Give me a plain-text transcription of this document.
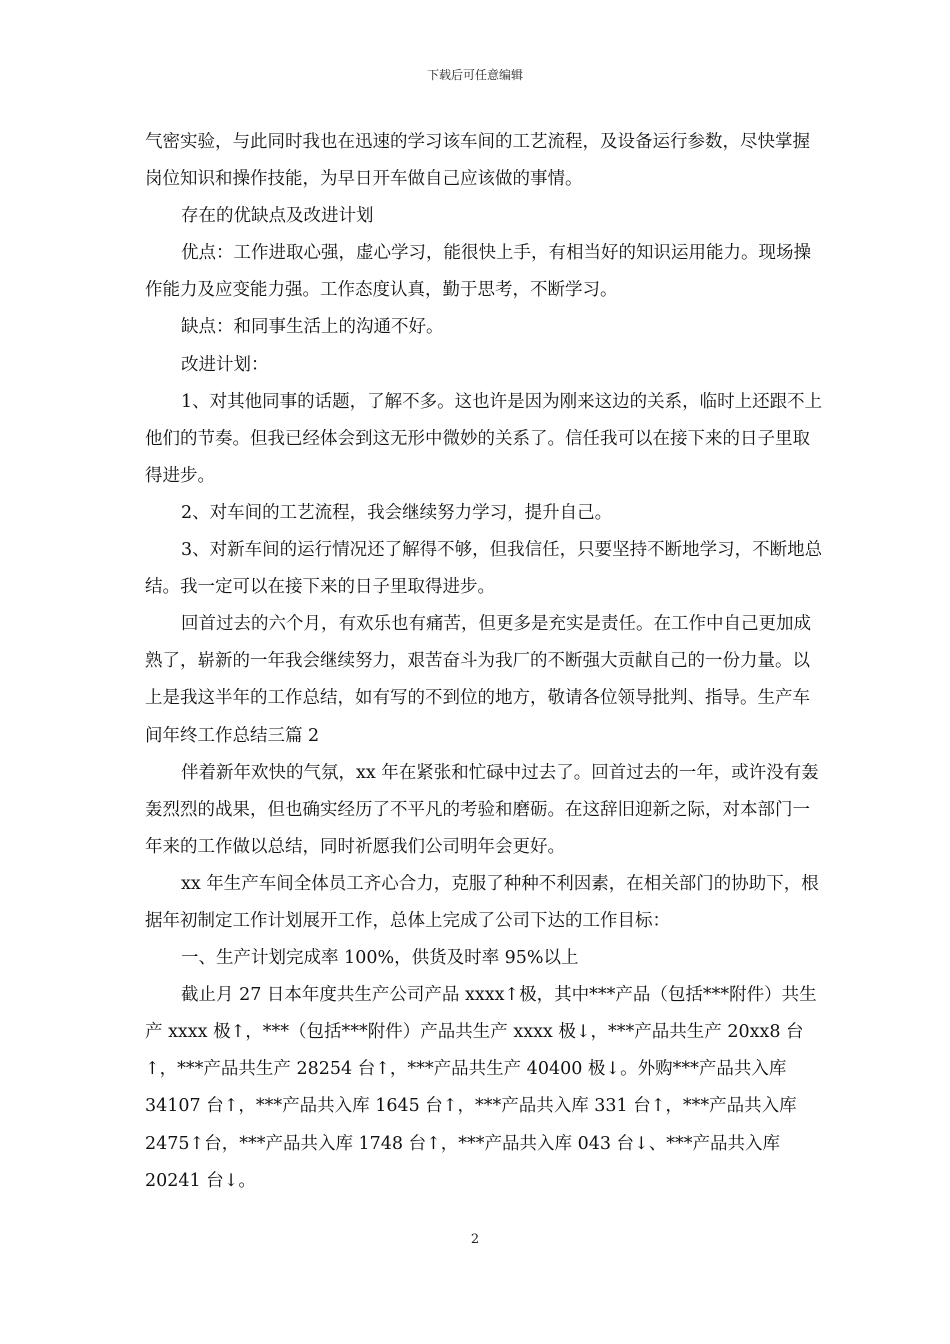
下载后可任意编辑

气密实验，与此同时我也在迅速的学习该车间的工艺流程，及设备运行参数，尽快掌握岗位知识和操作技能，为早日开车做自己应该做的事情。

存在的优缺点及改进计划

优点：工作进取心强，虚心学习，能很快上手，有相当好的知识运用能力。现场操作能力及应变能力强。工作态度认真，勤于思考，不断学习。

缺点：和同事生活上的沟通不好。

改进计划：

1、对其他同事的话题，了解不多。这也许是因为刚来这边的关系，临时上还跟不上他们的节奏。但我已经体会到这无形中微妙的关系了。信任我可以在接下来的日子里取得进步。

2、对车间的工艺流程，我会继续努力学习，提升自己。

3、对新车间的运行情况还了解得不够，但我信任，只要坚持不断地学习，不断地总结。我一定可以在接下来的日子里取得进步。

回首过去的六个月，有欢乐也有痛苦，但更多是充实是责任。在工作中自己更加成熟了，崭新的一年我会继续努力，艰苦奋斗为我厂的不断强大贡献自己的一份力量。以上是我这半年的工作总结，如有写的不到位的地方，敬请各位领导批判、指导。生产车间年终工作总结三篇 2

伴着新年欢快的气氛，xx 年在紧张和忙碌中过去了。回首过去的一年，或许没有轰轰烈烈的战果，但也确实经历了不平凡的考验和磨砺。在这辞旧迎新之际，对本部门一年来的工作做以总结，同时祈愿我们公司明年会更好。

xx 年生产车间全体员工齐心合力，克服了种种不利因素，在相关部门的协助下，根据年初制定工作计划展开工作，总体上完成了公司下达的工作目标：

一、生产计划完成率 100%，供货及时率 95%以上

截止月 27 日本年度共生产公司产品 xxxx↑极，其中***产品（包括***附件）共生产 xxxx 极↑，***（包括***附件）产品共生产 xxxx 极↓，***产品共生产 20xx8 台↑，***产品共生产 28254 台↑，***产品共生产 40400 极↓。外购***产品共入库 34107 台↑，***产品共入库 1645 台↑，***产品共入库 331 台↑，***产品共入库 2475↑台，***产品共入库 1748 台↑，***产品共入库 043 台↓、***产品共入库 20241 台↓。

2
